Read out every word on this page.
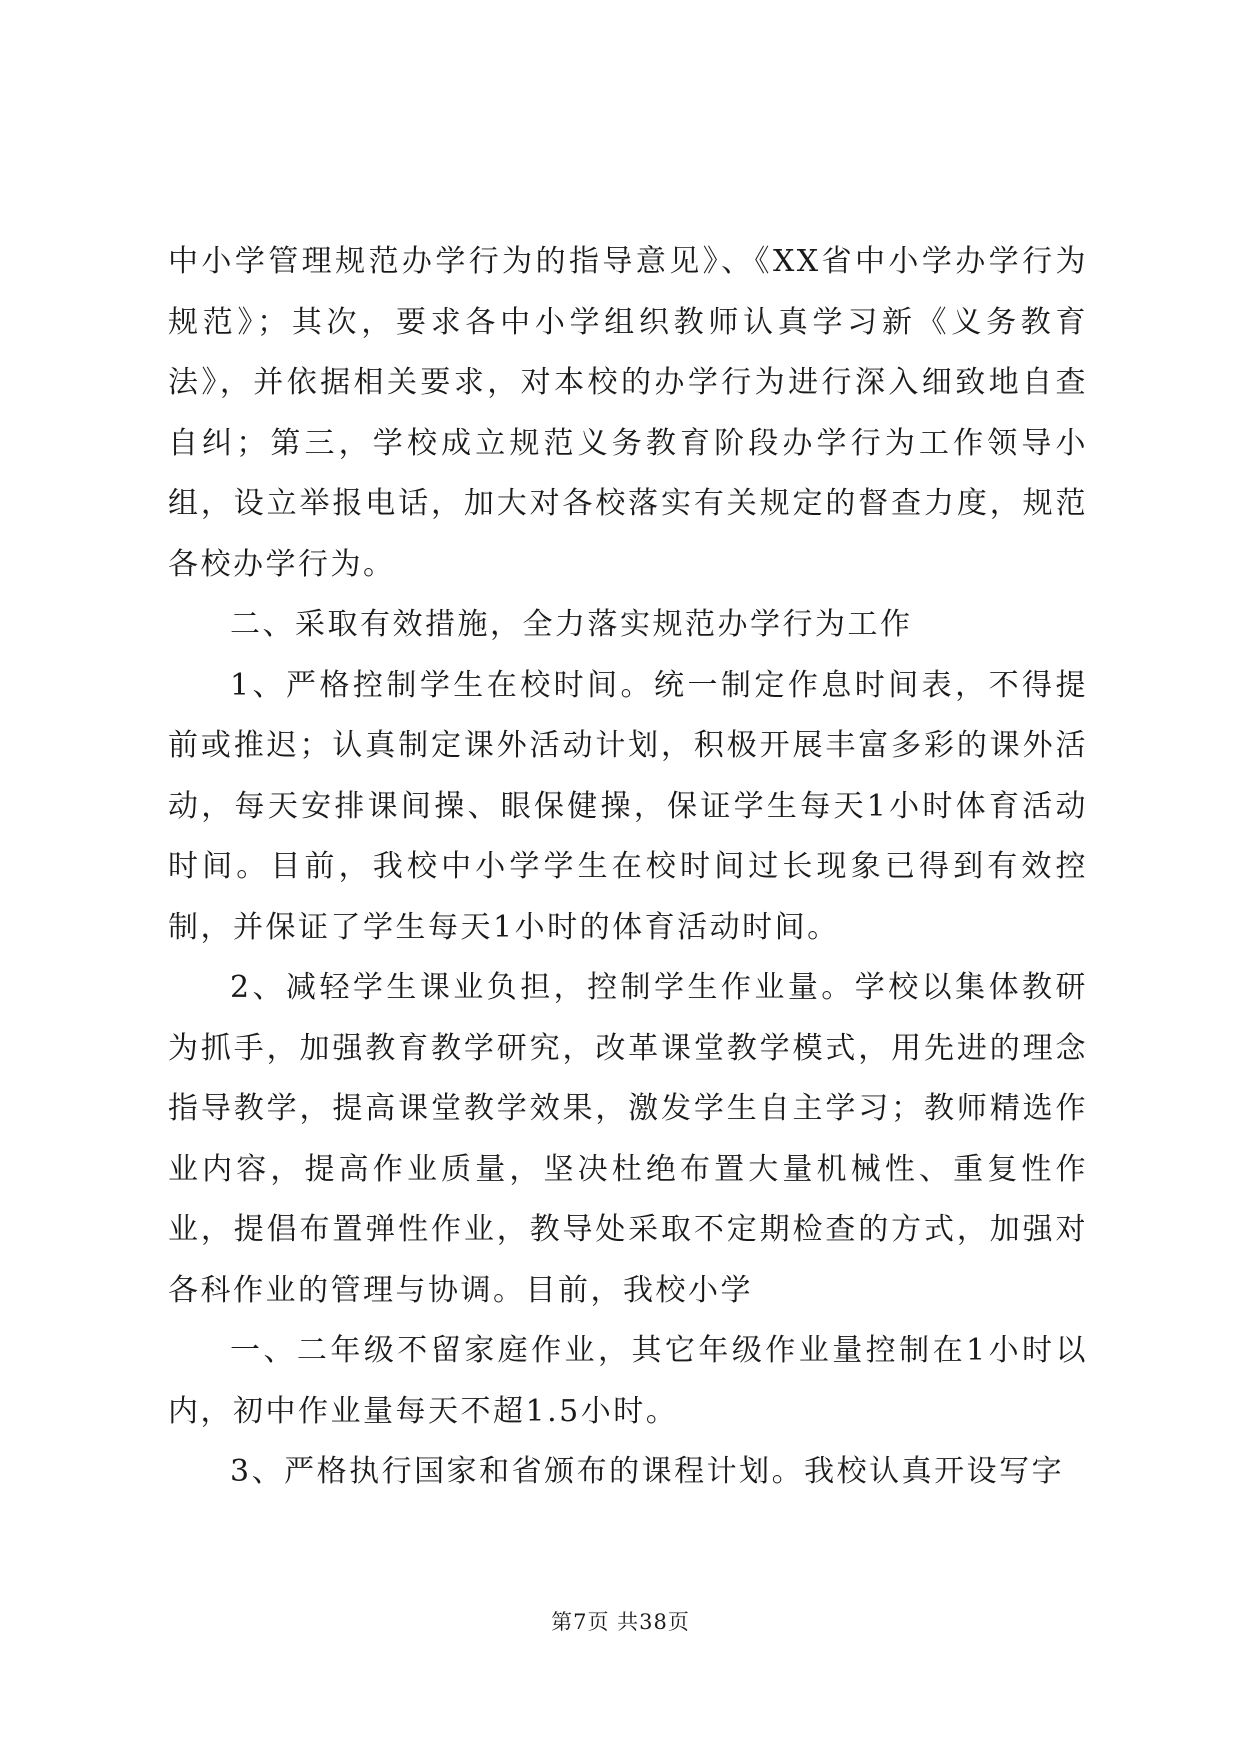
中小学管理规范办学行为的指导意见》、《XX省中小学办学行为规范》；其次，要求各中小学组织教师认真学习新《义务教育法》，并依据相关要求，对本校的办学行为进行深入细致地自查自纠；第三，学校成立规范义务教育阶段办学行为工作领导小组，设立举报电话，加大对各校落实有关规定的督查力度，规范各校办学行为。

二、采取有效措施，全力落实规范办学行为工作

1、严格控制学生在校时间。统一制定作息时间表，不得提前或推迟；认真制定课外活动计划，积极开展丰富多彩的课外活动，每天安排课间操、眼保健操，保证学生每天1小时体育活动时间。目前，我校中小学学生在校时间过长现象已得到有效控制，并保证了学生每天1小时的体育活动时间。

2、减轻学生课业负担，控制学生作业量。学校以集体教研为抓手，加强教育教学研究，改革课堂教学模式，用先进的理念指导教学，提高课堂教学效果，激发学生自主学习；教师精选作业内容，提高作业质量，坚决杜绝布置大量机械性、重复性作业，提倡布置弹性作业，教导处采取不定期检查的方式，加强对各科作业的管理与协调。目前，我校小学

一、二年级不留家庭作业，其它年级作业量控制在1小时以内，初中作业量每天不超1.5小时。

3、严格执行国家和省颁布的课程计划。我校认真开设写字

第7页 共38页
